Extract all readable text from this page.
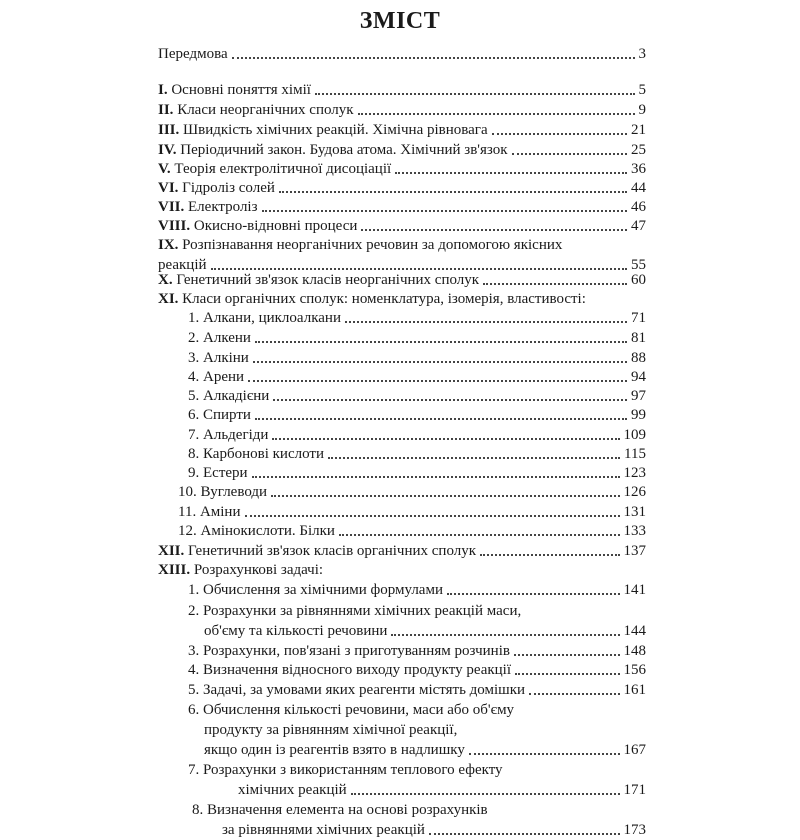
ЗМІСТ
Передмова	3
I. Основні поняття хімії	5
II. Класи неорганічних сполук	9
III. Швидкість хімічних реакцій. Хімічна рівновага	21
IV. Періодичний закон. Будова атома. Хімічний зв'язок	25
V. Теорія електролітичної дисоціації	36
VI. Гідроліз солей	44
VII. Електроліз	46
VIII. Окисно-відновні процеси	47
IX. Розпізнавання неорганічних речовин за допомогою якісних
реакцій	55
X. Генетичний зв'язок класів неорганічних сполук	60
XI. Класи органічних сполук: номенклатура, ізомерія, властивості:
1. Алкани, циклоалкани	71
2. Алкени	81
3. Алкіни	88
4. Арени	94
5. Алкадієни	97
6. Спирти	99
7. Альдегіди	109
8. Карбонові кислоти	115
9. Естери	123
10. Вуглеводи	126
11. Аміни	131
12. Амінокислоти. Білки	133
XII. Генетичний зв'язок класів органічних сполук	137
XIII. Розрахункові задачі:
1. Обчислення за хімічними формулами	141
2. Розрахунки за рівняннями хімічних реакцій маси,
об'єму та кількості речовини	144
3. Розрахунки, пов'язані з приготуванням розчинів	148
4. Визначення відносного виходу продукту реакції	156
5. Задачі, за умовами яких реагенти містять домішки	161
6. Обчислення кількості речовини, маси або об'єму
продукту за рівнянням хімічної реакції,
якщо один із реагентів взято в надлишку	167
7. Розрахунки з використанням теплового ефекту
хімічних реакцій	171
8. Визначення елемента на основі розрахунків
за рівняннями хімічних реакцій	173
